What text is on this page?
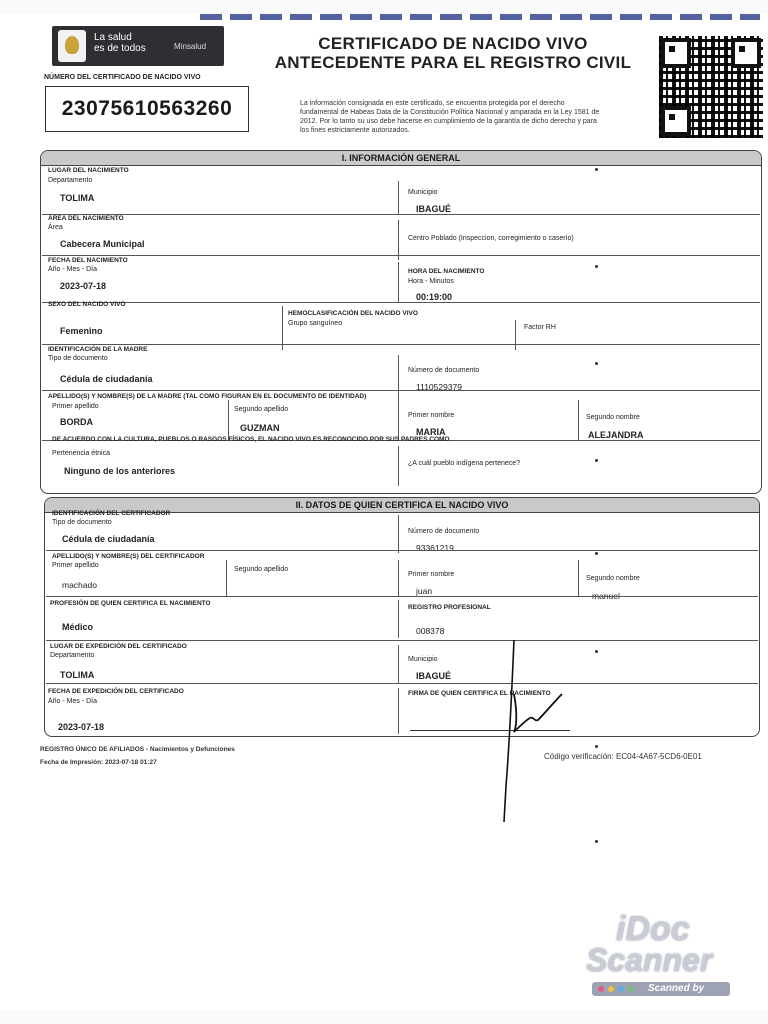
La salud
es de todos	Minsalud
NÚMERO DEL CERTIFICADO DE NACIDO VIVO
23075610563260
CERTIFICADO DE NACIDO VIVO
ANTECEDENTE PARA EL REGISTRO CIVIL
La información consignada en este certificado, se encuentra protegida por el derecho fundamental de Habeas Data de la Constitución Política Nacional y amparada en la Ley 1581 de 2012. Por lo tanto su uso debe hacerse en cumplimiento de la garantía de dicho derecho y para los fines estrictamente autorizados.
I. INFORMACIÓN GENERAL
LUGAR DEL NACIMIENTO
Departamento
TOLIMA
Municipio
IBAGUÉ
ÁREA DEL NACIMIENTO
Área
Cabecera Municipal
Centro Poblado (Inspeccion, corregimiento o caserío)
FECHA DEL NACIMIENTO
Año - Mes - Día
2023-07-18
HORA DEL NACIMIENTO
Hora - Minutos
00:19:00
SEXO DEL NACIDO VIVO
Femenino
HEMOCLASIFICACIÓN DEL NACIDO VIVO
Grupo sanguíneo
Factor RH
IDENTIFICACIÓN DE LA MADRE
Tipo de documento
Cédula de ciudadanía
Número de documento
1110529379
APELLIDO(S) Y NOMBRE(S) DE LA MADRE (TAL COMO FIGURAN EN EL DOCUMENTO DE IDENTIDAD)
Primer apellido
BORDA
Segundo apellido
GUZMAN
Primer nombre
MARIA
Segundo nombre
ALEJANDRA
DE ACUERDO CON LA CULTURA, PUEBLOS O RASGOS FÍSICOS, EL NACIDO VIVO ES RECONOCIDO POR SUS PADRES COMO
Pertenencia étnica
Ninguno de los anteriores
¿A cuál pueblo indígena pertenece?
II. DATOS DE QUIEN CERTIFICA EL NACIDO VIVO
IDENTIFICACIÓN DEL CERTIFICADOR
Tipo de documento
Cédula de ciudadanía
Número de documento
93361219
APELLIDO(S) Y NOMBRE(S) DEL CERTIFICADOR
Primer apellido
machado
Segundo apellido
Primer nombre
juan
Segundo nombre
manuel
PROFESIÓN DE QUIEN CERTIFICA EL NACIMIENTO
Médico
REGISTRO PROFESIONAL
008378
LUGAR DE EXPEDICIÓN DEL CERTIFICADO
Departamento
TOLIMA
Municipio
IBAGUÉ
FECHA DE EXPEDICIÓN DEL CERTIFICADO
Año - Mes - Día
2023-07-18
FIRMA DE QUIEN CERTIFICA EL NACIMIENTO
REGISTRO ÚNICO DE AFILIADOS - Nacimientos y Defunciones
Fecha de Impresión: 2023-07-18 01:27
Código verificación: EC04-4A67-5CD6-0E01
iDoc
Scanner
Scanned by
